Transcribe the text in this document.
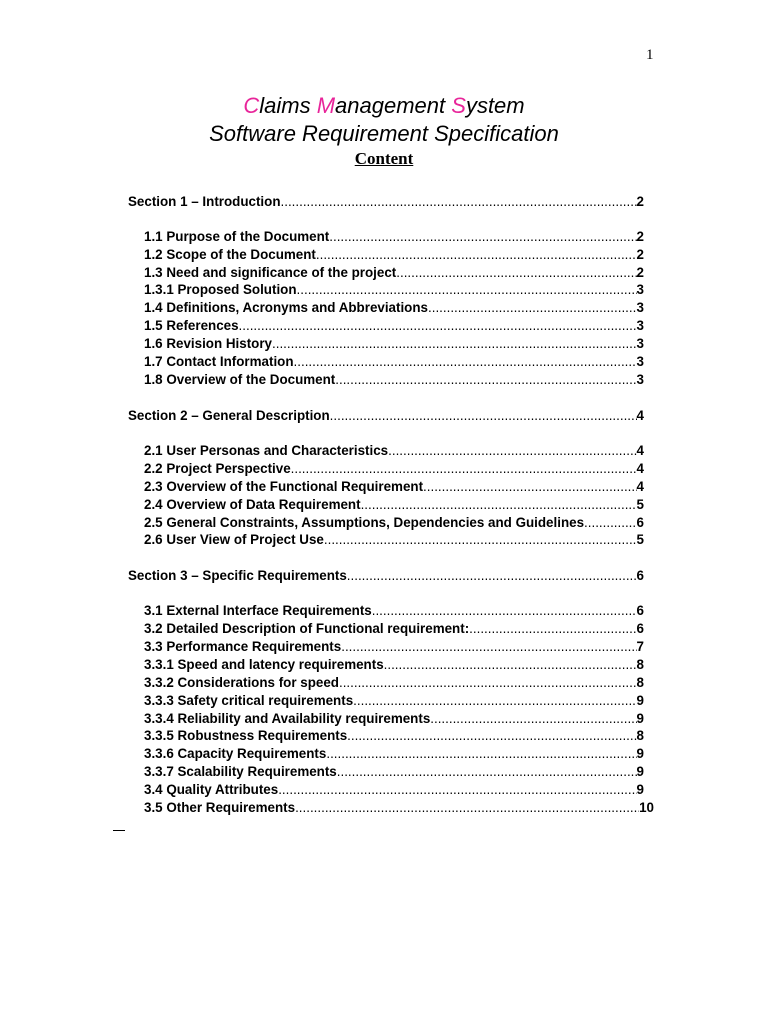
1
Claims Management System
Software Requirement Specification
Content
Section 1 – Introduction .....	2
1.1 Purpose of the Document .....	2
1.2 Scope of the Document .....	2
1.3 Need and significance of the project .....	2
1.3.1 Proposed Solution .....	3
1.4 Definitions, Acronyms and Abbreviations .....	3
1.5 References .....	3
1.6 Revision History .....	3
1.7 Contact Information .....	3
1.8 Overview of the Document .....	3
Section 2 – General Description .....	4
2.1 User Personas and Characteristics .....	4
2.2 Project Perspective .....	4
2.3 Overview of the Functional Requirement .....	4
2.4 Overview of Data Requirement .....	5
2.5 General Constraints, Assumptions, Dependencies and Guidelines .....	6
2.6 User View of Project Use .....	5
Section 3 – Specific Requirements .....	6
3.1 External Interface Requirements .....	6
3.2 Detailed Description of Functional requirement: .....	6
3.3 Performance Requirements .....	7
3.3.1 Speed and latency requirements .....	8
3.3.2 Considerations for speed .....	8
3.3.3 Safety critical requirements .....	9
3.3.4 Reliability and Availability requirements .....	9
3.3.5 Robustness Requirements .....	8
3.3.6 Capacity Requirements .....	9
3.3.7 Scalability Requirements .....	9
3.4 Quality Attributes .....	9
3.5 Other Requirements .....	10
